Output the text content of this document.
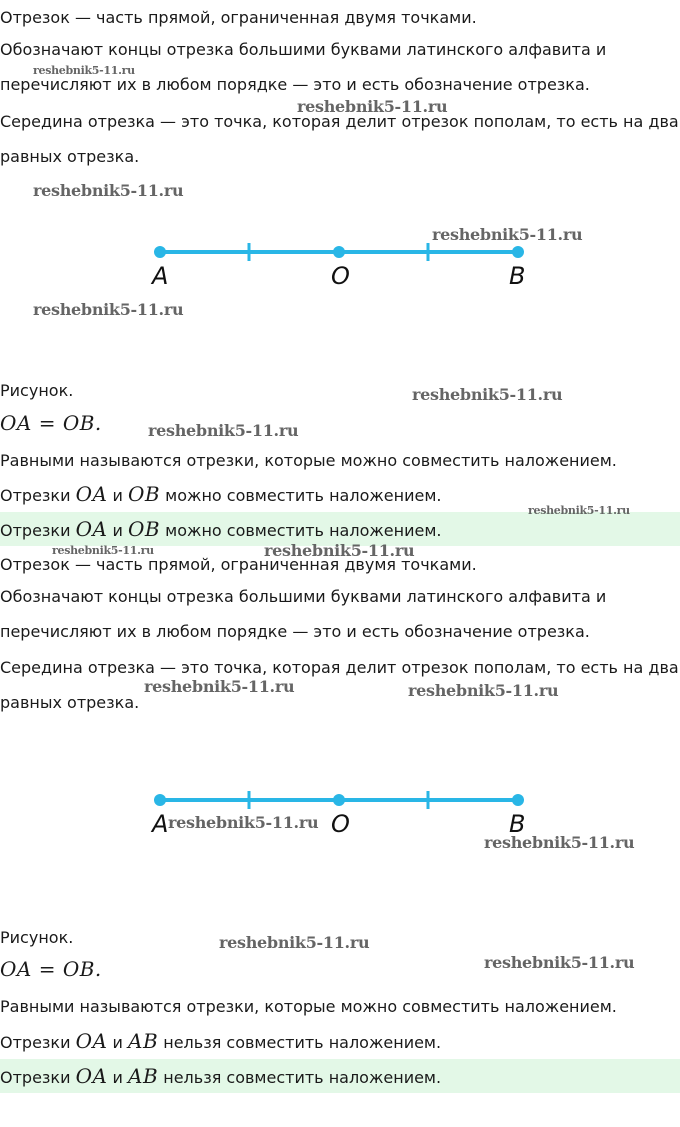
Отрезок — часть прямой, ограниченная двумя точками.
Обозначают концы отрезка большими буквами латинского алфавита и
перечисляют их в любом порядке — это и есть обозначение отрезка.
Середина отрезка — это точка, которая делит отрезок пополам, то есть на два
равных отрезка.
A	O	B
Рисунок.
OA = OB.
Равными называются отрезки, которые можно совместить наложением.
Отрезки OA и OB можно совместить наложением.
Отрезки OA и OB можно совместить наложением.
Отрезок — часть прямой, ограниченная двумя точками.
Обозначают концы отрезка большими буквами латинского алфавита и
перечисляют их в любом порядке — это и есть обозначение отрезка.
Середина отрезка — это точка, которая делит отрезок пополам, то есть на два
равных отрезка.
A	O	B
Рисунок.
OA = OB.
Равными называются отрезки, которые можно совместить наложением.
Отрезки OA и AB нельзя совместить наложением.
Отрезки OA и AB нельзя совместить наложением.
reshebnik5-11.ru
reshebnik5-11.ru
reshebnik5-11.ru
reshebnik5-11.ru
reshebnik5-11.ru
reshebnik5-11.ru
reshebnik5-11.ru
reshebnik5-11.ru
reshebnik5-11.ru	reshebnik5-11.ru
reshebnik5-11.ru	reshebnik5-11.ru
reshebnik5-11.ru
reshebnik5-11.ru
reshebnik5-11.ru
reshebnik5-11.ru
